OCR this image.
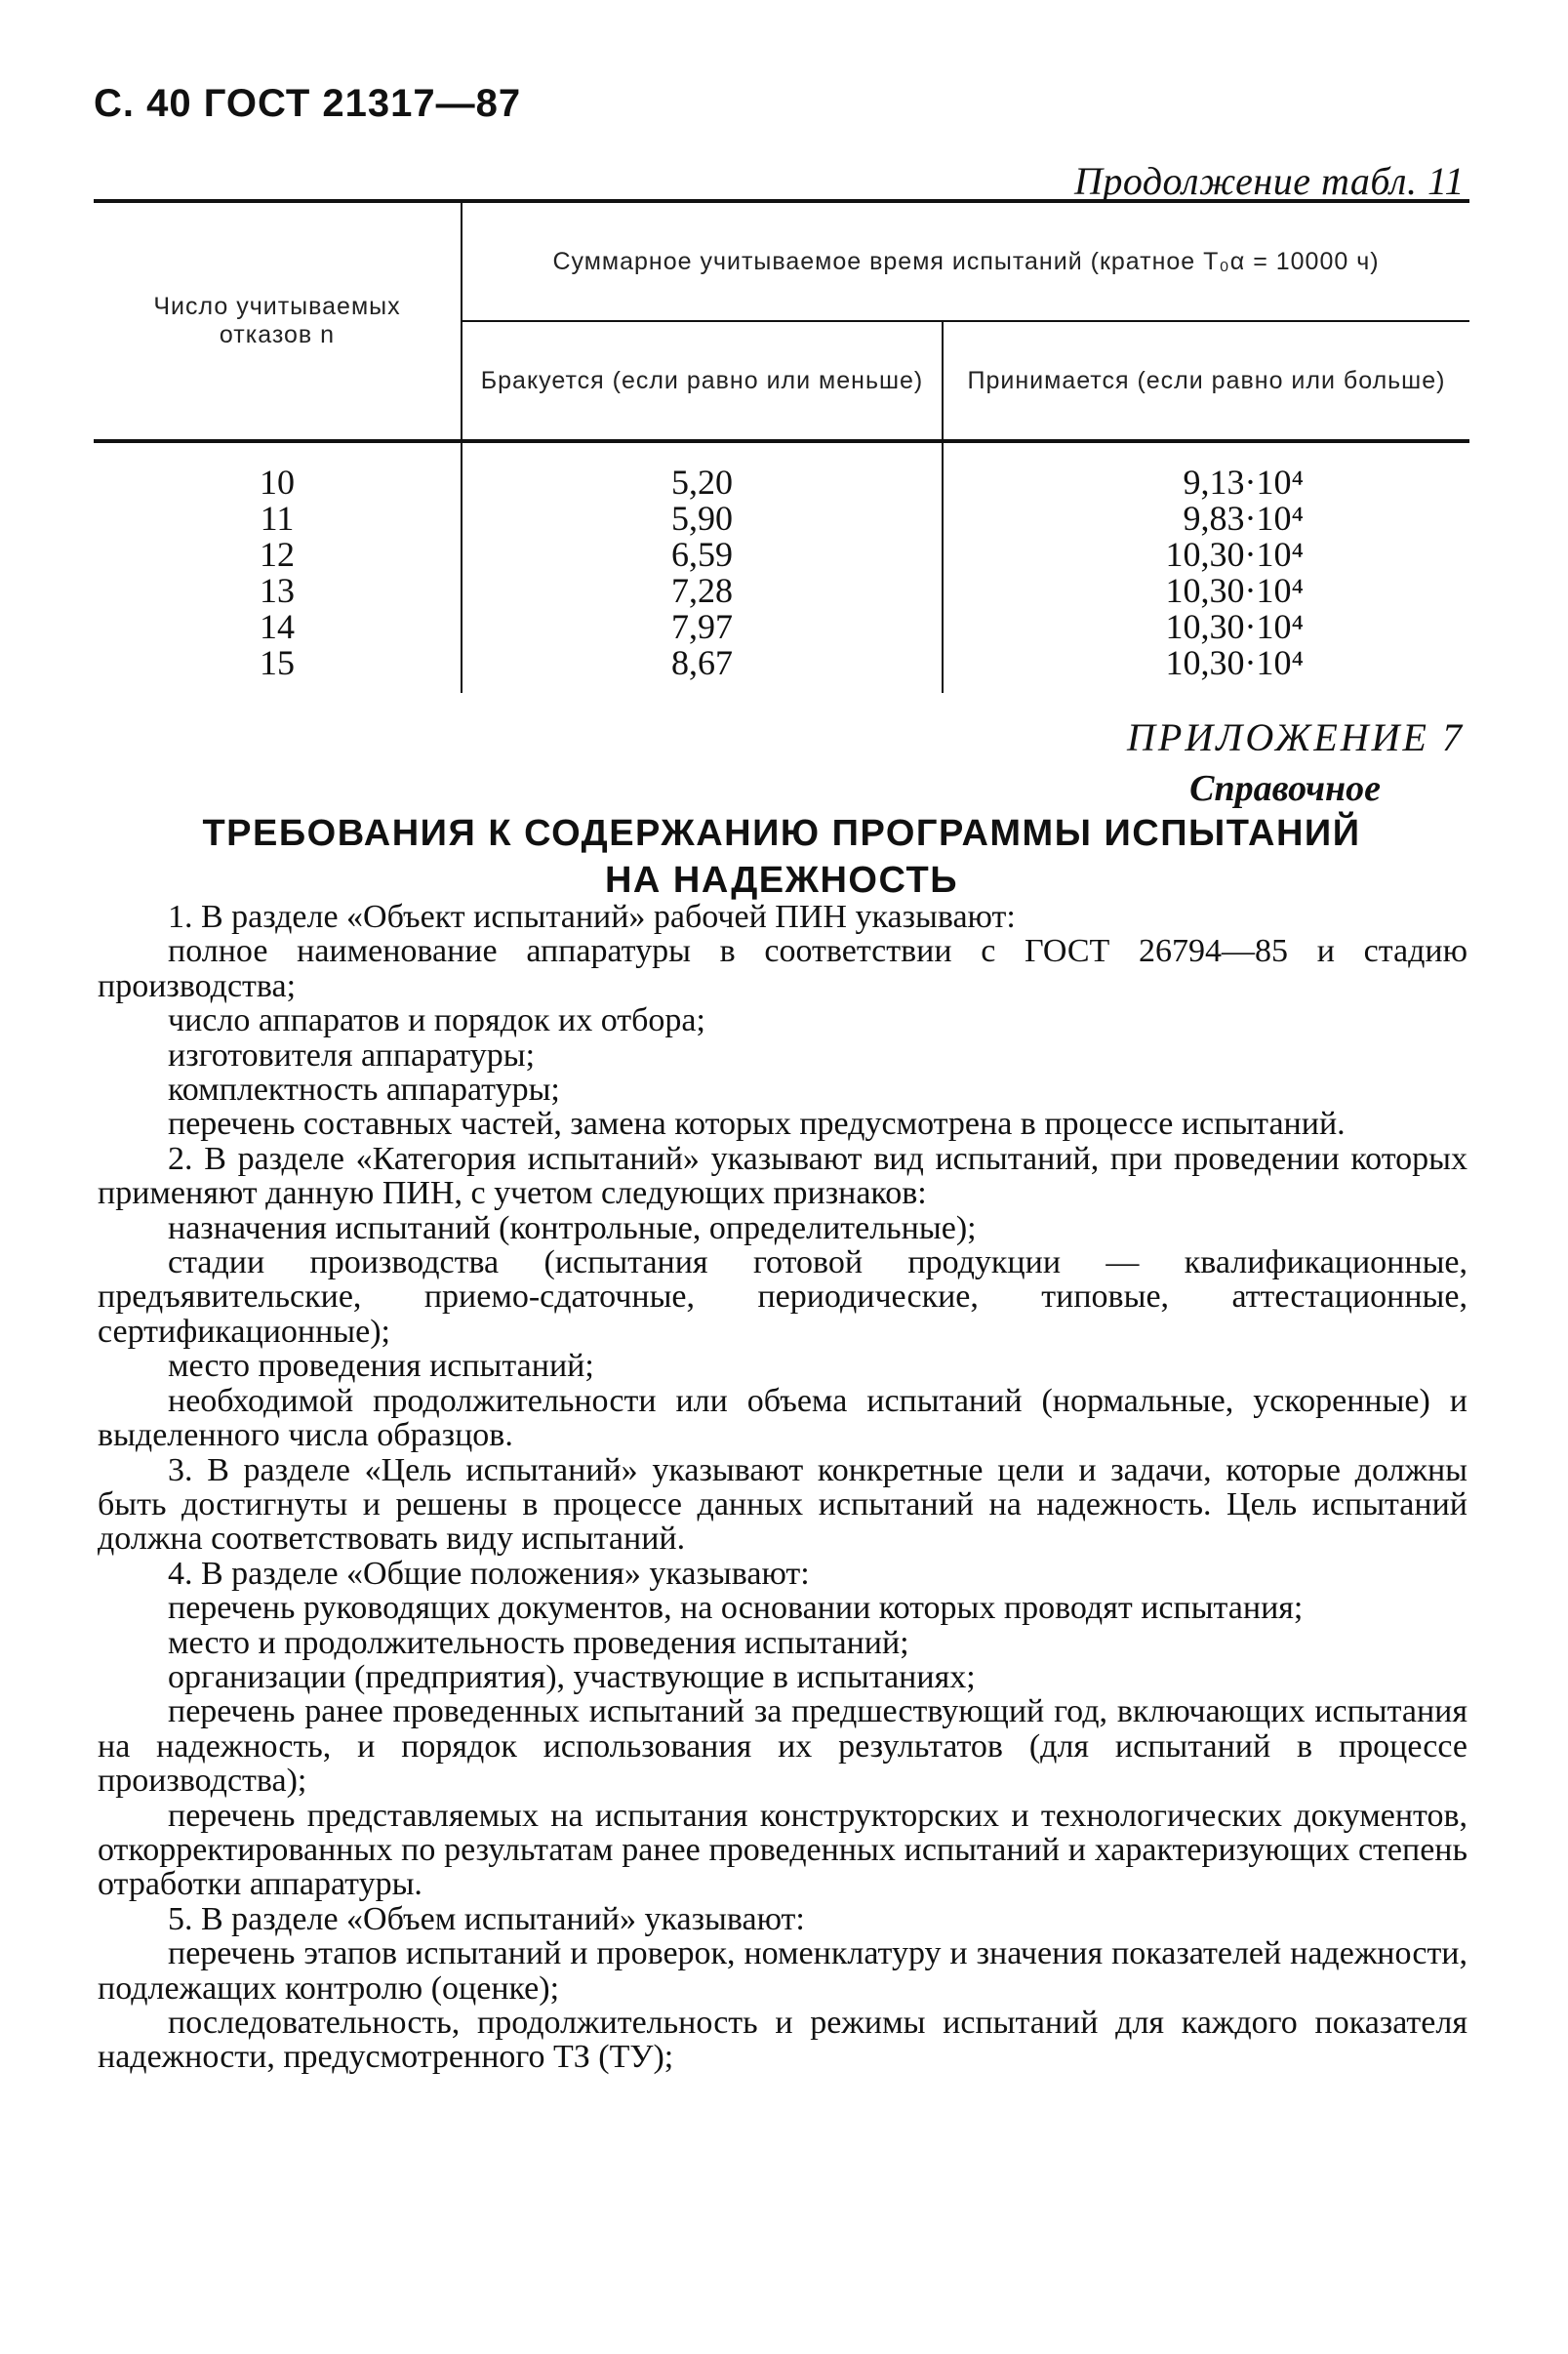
С. 40 ГОСТ 21317—87
Продолжение табл. 11
Число учитываемых отказов n	Суммарное учитываемое время испытаний (кратное T₀α = 10000 ч)	
	Бракуется (если равно или меньше)	Принимается (если равно или больше)
10	5,20	9,13·10⁴
11	5,90	9,83·10⁴
12	6,59	10,30·10⁴
13	7,28	10,30·10⁴
14	7,97	10,30·10⁴
15	8,67	10,30·10⁴
ПРИЛОЖЕНИЕ 7
Справочное
ТРЕБОВАНИЯ К СОДЕРЖАНИЮ ПРОГРАММЫ ИСПЫТАНИЙ
НА НАДЕЖНОСТЬ

1. В разделе «Объект испытаний» рабочей ПИН указывают:

полное наименование аппаратуры в соответствии с ГОСТ 26794—85 и стадию производства;

число аппаратов и порядок их отбора;

изготовителя аппаратуры;

комплектность аппаратуры;

перечень составных частей, замена которых предусмотрена в процессе испытаний.

2. В разделе «Категория испытаний» указывают вид испытаний, при проведении которых применяют данную ПИН, с учетом следующих признаков:

назначения испытаний (контрольные, определительные);

стадии производства (испытания готовой продукции — квалификационные, предъявительские, приемо-сдаточные, периодические, типовые, аттестационные, сертификационные);

место проведения испытаний;

необходимой продолжительности или объема испытаний (нормальные, ускоренные) и выделенного числа образцов.

3. В разделе «Цель испытаний» указывают конкретные цели и задачи, которые должны быть достигнуты и решены в процессе данных испытаний на надежность. Цель испытаний должна соответствовать виду испытаний.

4. В разделе «Общие положения» указывают:

перечень руководящих документов, на основании которых проводят испытания;

место и продолжительность проведения испытаний;

организации (предприятия), участвующие в испытаниях;

перечень ранее проведенных испытаний за предшествующий год, включающих испытания на надежность, и порядок использования их результатов (для испытаний в процессе производства);

перечень представляемых на испытания конструкторских и технологических документов, откорректированных по результатам ранее проведенных испытаний и характеризующих степень отработки аппаратуры.

5. В разделе «Объем испытаний» указывают:

перечень этапов испытаний и проверок, номенклатуру и значения показателей надежности, подлежащих контролю (оценке);

последовательность, продолжительность и режимы испытаний для каждого показателя надежности, предусмотренного ТЗ (ТУ);
